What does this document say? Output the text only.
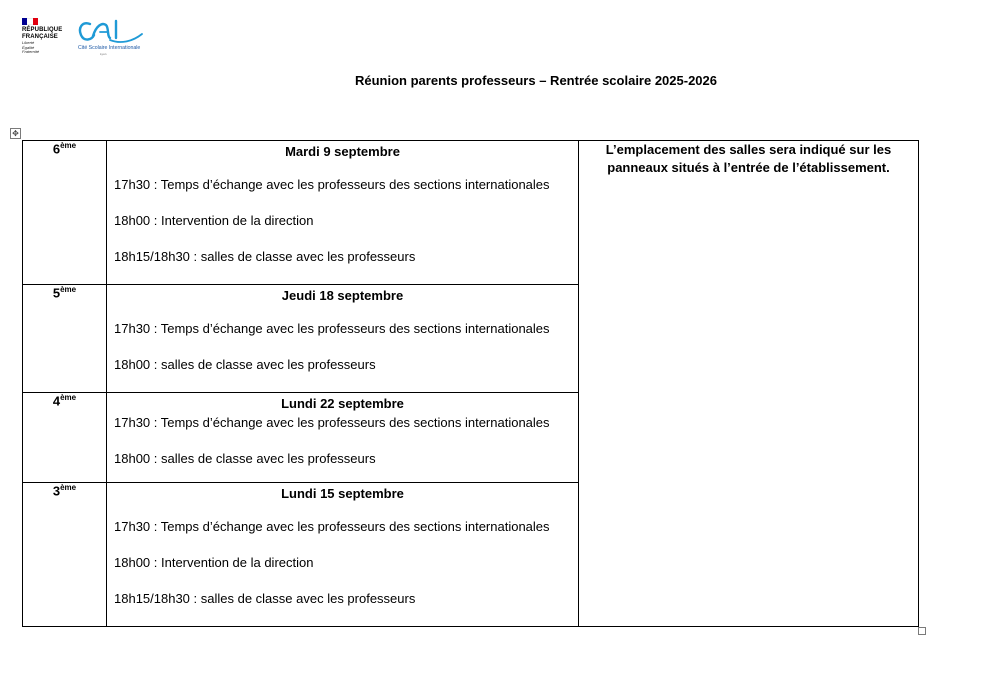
RÉPUBLIQUE
FRANÇAISE
Liberté
Égalité
Fraternité
Cité Scolaire Internationale
Lyon
Réunion parents professeurs – Rentrée scolaire 2025-2026
✥
6ème	Mardi 9 septembre
17h30 : Temps d’échange avec les professeurs des sections internationales
18h00 : Intervention de la direction
18h15/18h30 : salles de classe avec les professeurs	L’emplacement des salles sera indiqué sur les panneaux situés à l’entrée de l’établissement.

5ème	Jeudi 18 septembre
17h30 : Temps d’échange avec les professeurs des sections internationales
18h00 : salles de classe avec les professeurs	

4ème	Lundi 22 septembre
17h30 : Temps d’échange avec les professeurs des sections internationales
18h00 : salles de classe avec les professeurs	

3ème	Lundi 15 septembre
17h30 : Temps d’échange avec les professeurs des sections internationales
18h00 : Intervention de la direction
18h15/18h30 : salles de classe avec les professeurs	
